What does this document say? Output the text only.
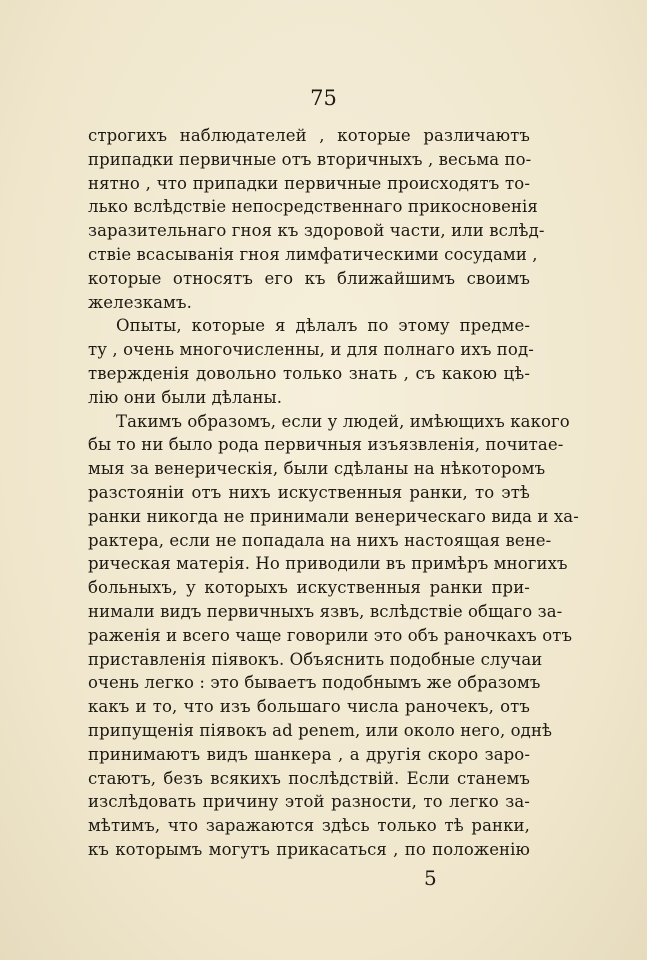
75
строгихъ наблюдателей , которые различаютъ
припадки первичные отъ вторичныхъ , весьма по-
нятно , что припадки первичные происходятъ то-
лько вслѣдствіе непосредственнаго прикосновенія
заразительнаго гноя къ здоровой части, или вслѣд-
ствіе всасыванія гноя лимфатическими сосудами ,
которые относятъ его къ ближайшимъ своимъ
железкамъ.
Опыты, которые я дѣлалъ по этому предме-
ту , очень многочисленны, и для полнаго ихъ под-
твержденія довольно только знать , съ какою цѣ-
лію они были дѣланы.
Такимъ образомъ, если у людей, имѣющихъ какого
бы то ни было рода первичныя изъязвленія, почитае-
мыя за венерическія, были сдѣланы на нѣкоторомъ
разстояніи отъ нихъ искуственныя ранки, то этѣ
ранки никогда не принимали венерическаго вида и ха-
рактера, если не попадала на нихъ настоящая вене-
рическая матерія. Но приводили въ примѣръ многихъ
больныхъ, у которыхъ искуственныя ранки при-
нимали видъ первичныхъ язвъ, вслѣдствіе общаго за-
раженія и всего чаще говорили это объ раночкахъ отъ
приставленія піявокъ. Объяснить подобные случаи
очень легко : это бываетъ подобнымъ же образомъ
какъ и то, что изъ большаго числа раночекъ, отъ
припущенія піявокъ ad penem, или около него, однѣ
принимаютъ видъ шанкера , а другія скоро заро-
стаютъ, безъ всякихъ послѣдствій. Если станемъ
изслѣдовать причину этой разности, то легко за-
мѣтимъ, что заражаются здѣсь только тѣ ранки,
къ которымъ могутъ прикасаться , по положенію
5
